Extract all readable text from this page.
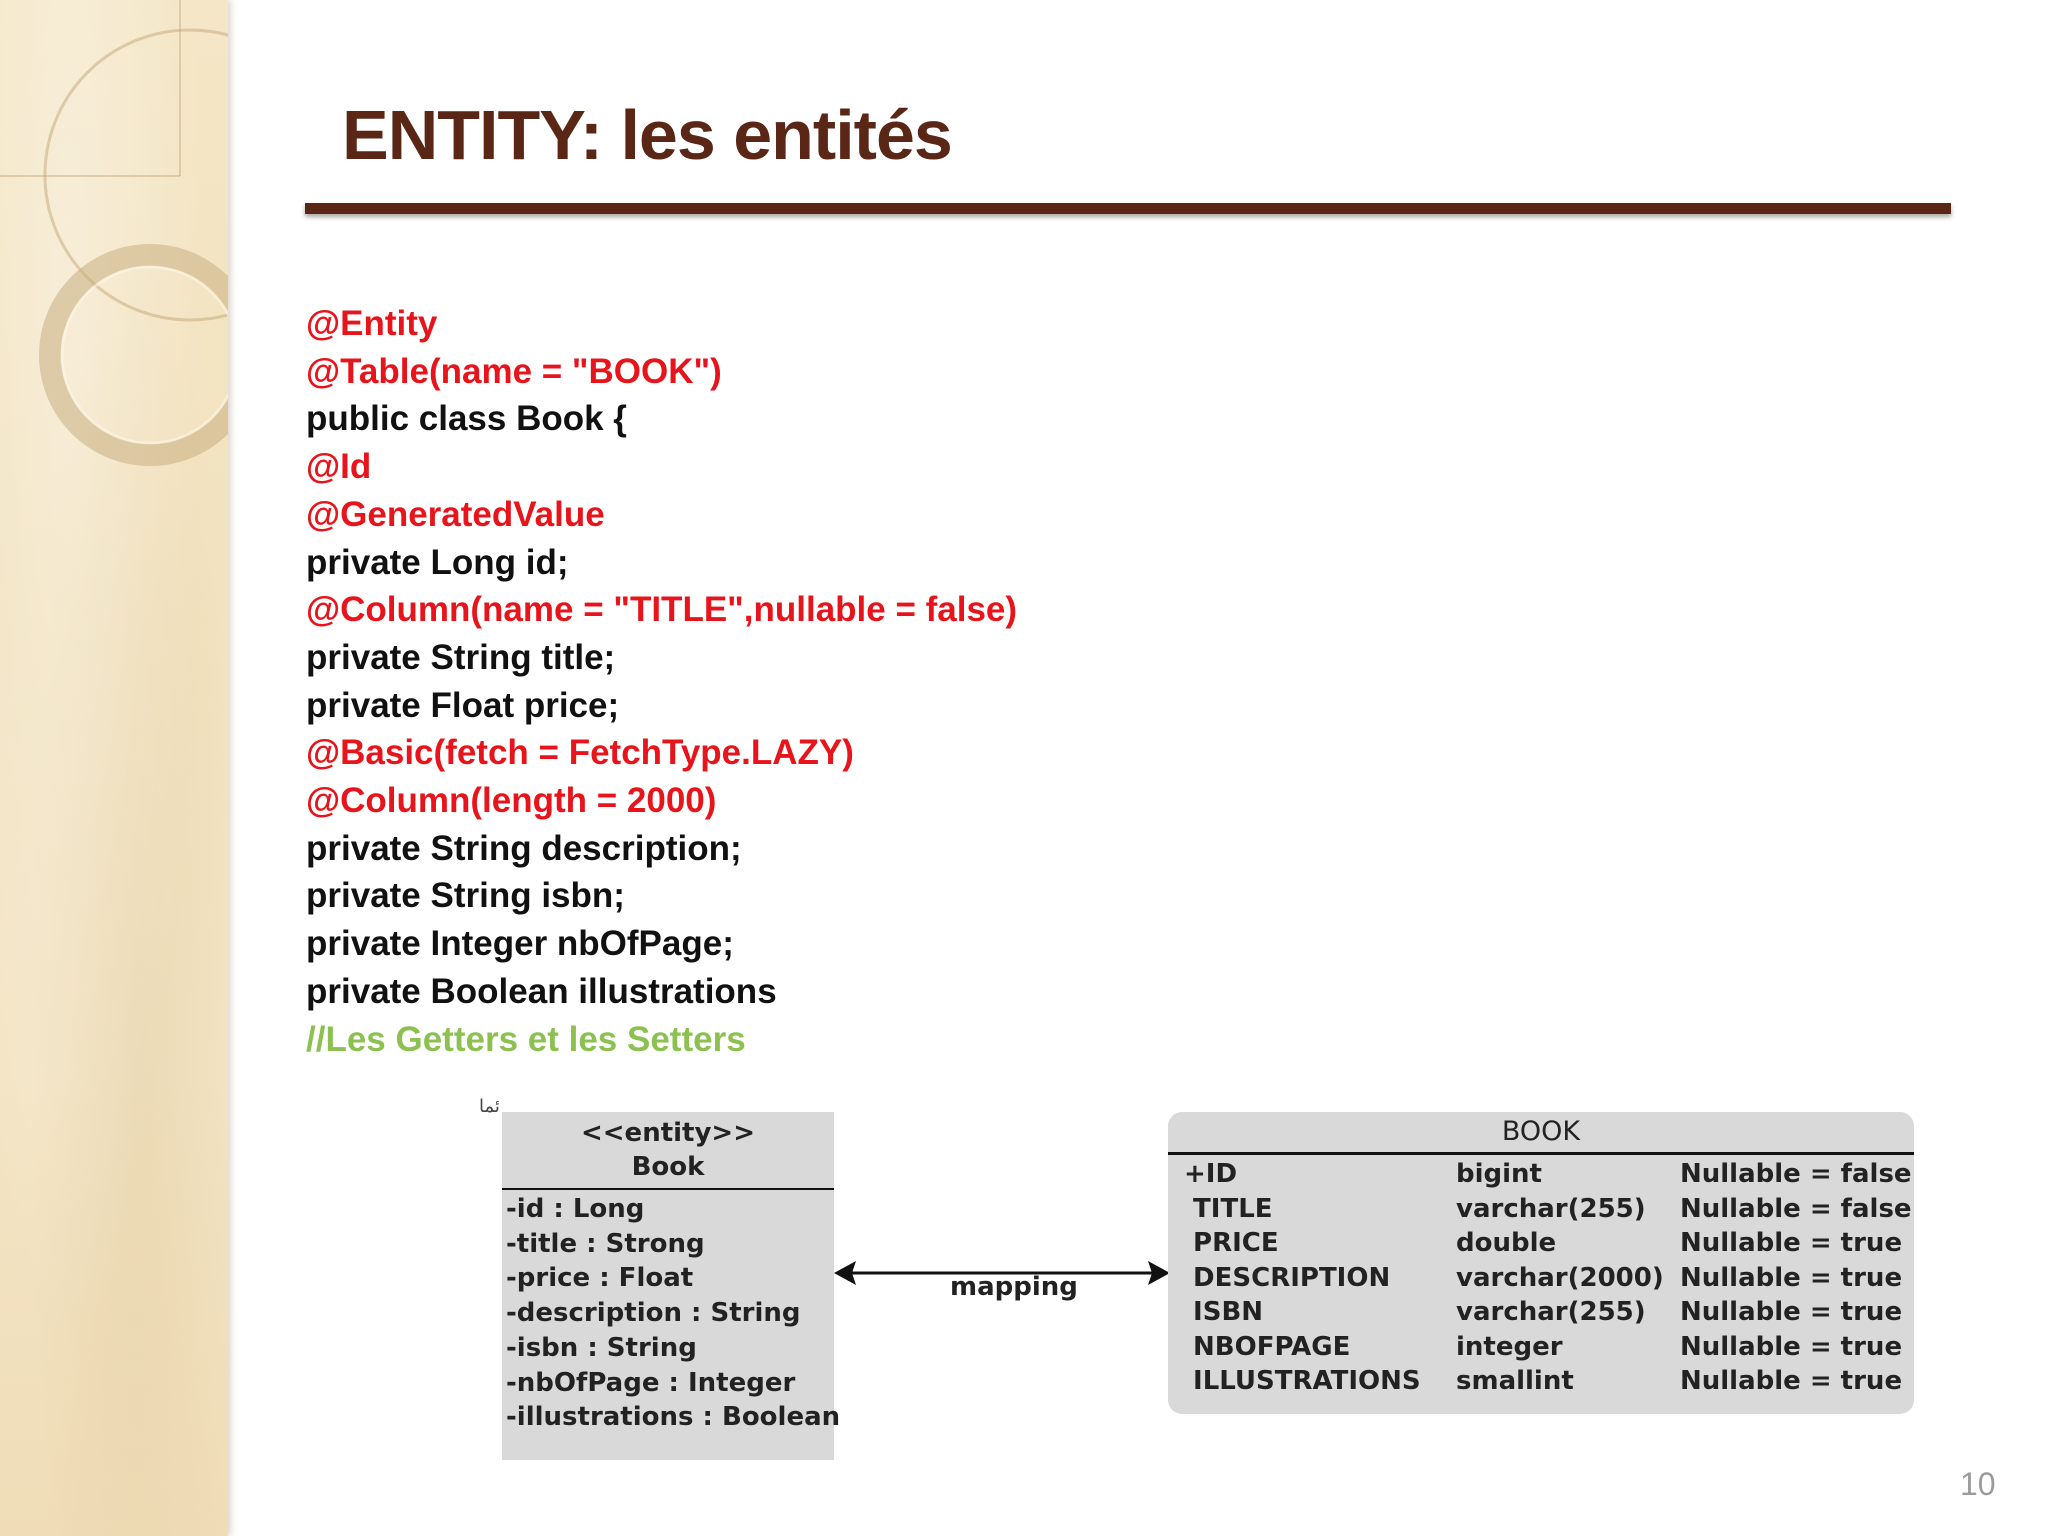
ENTITY: les entités
@Entity
@Table(name = "BOOK")
public class Book {
@Id
@GeneratedValue
private Long id;
@Column(name = "TITLE",nullable = false)
private String title;
private Float price;
@Basic(fetch = FetchType.LAZY)
@Column(length = 2000)
private String description;
private String isbn;
private Integer nbOfPage;
private Boolean illustrations
//Les Getters et les Setters
ئما
<<entity>>
Book
-id : Long
-title : Strong
-price : Float
-description : String
-isbn : String
-nbOfPage : Integer
-illustrations : Boolean
mapping
BOOK
+ID	bigint	Nullable = false
TITLE	varchar(255)	Nullable = false
PRICE	double	Nullable = true
DESCRIPTION	varchar(2000)	Nullable = true
ISBN	varchar(255)	Nullable = true
NBOFPAGE	integer	Nullable = true
ILLUSTRATIONS	smallint	Nullable = true
10
